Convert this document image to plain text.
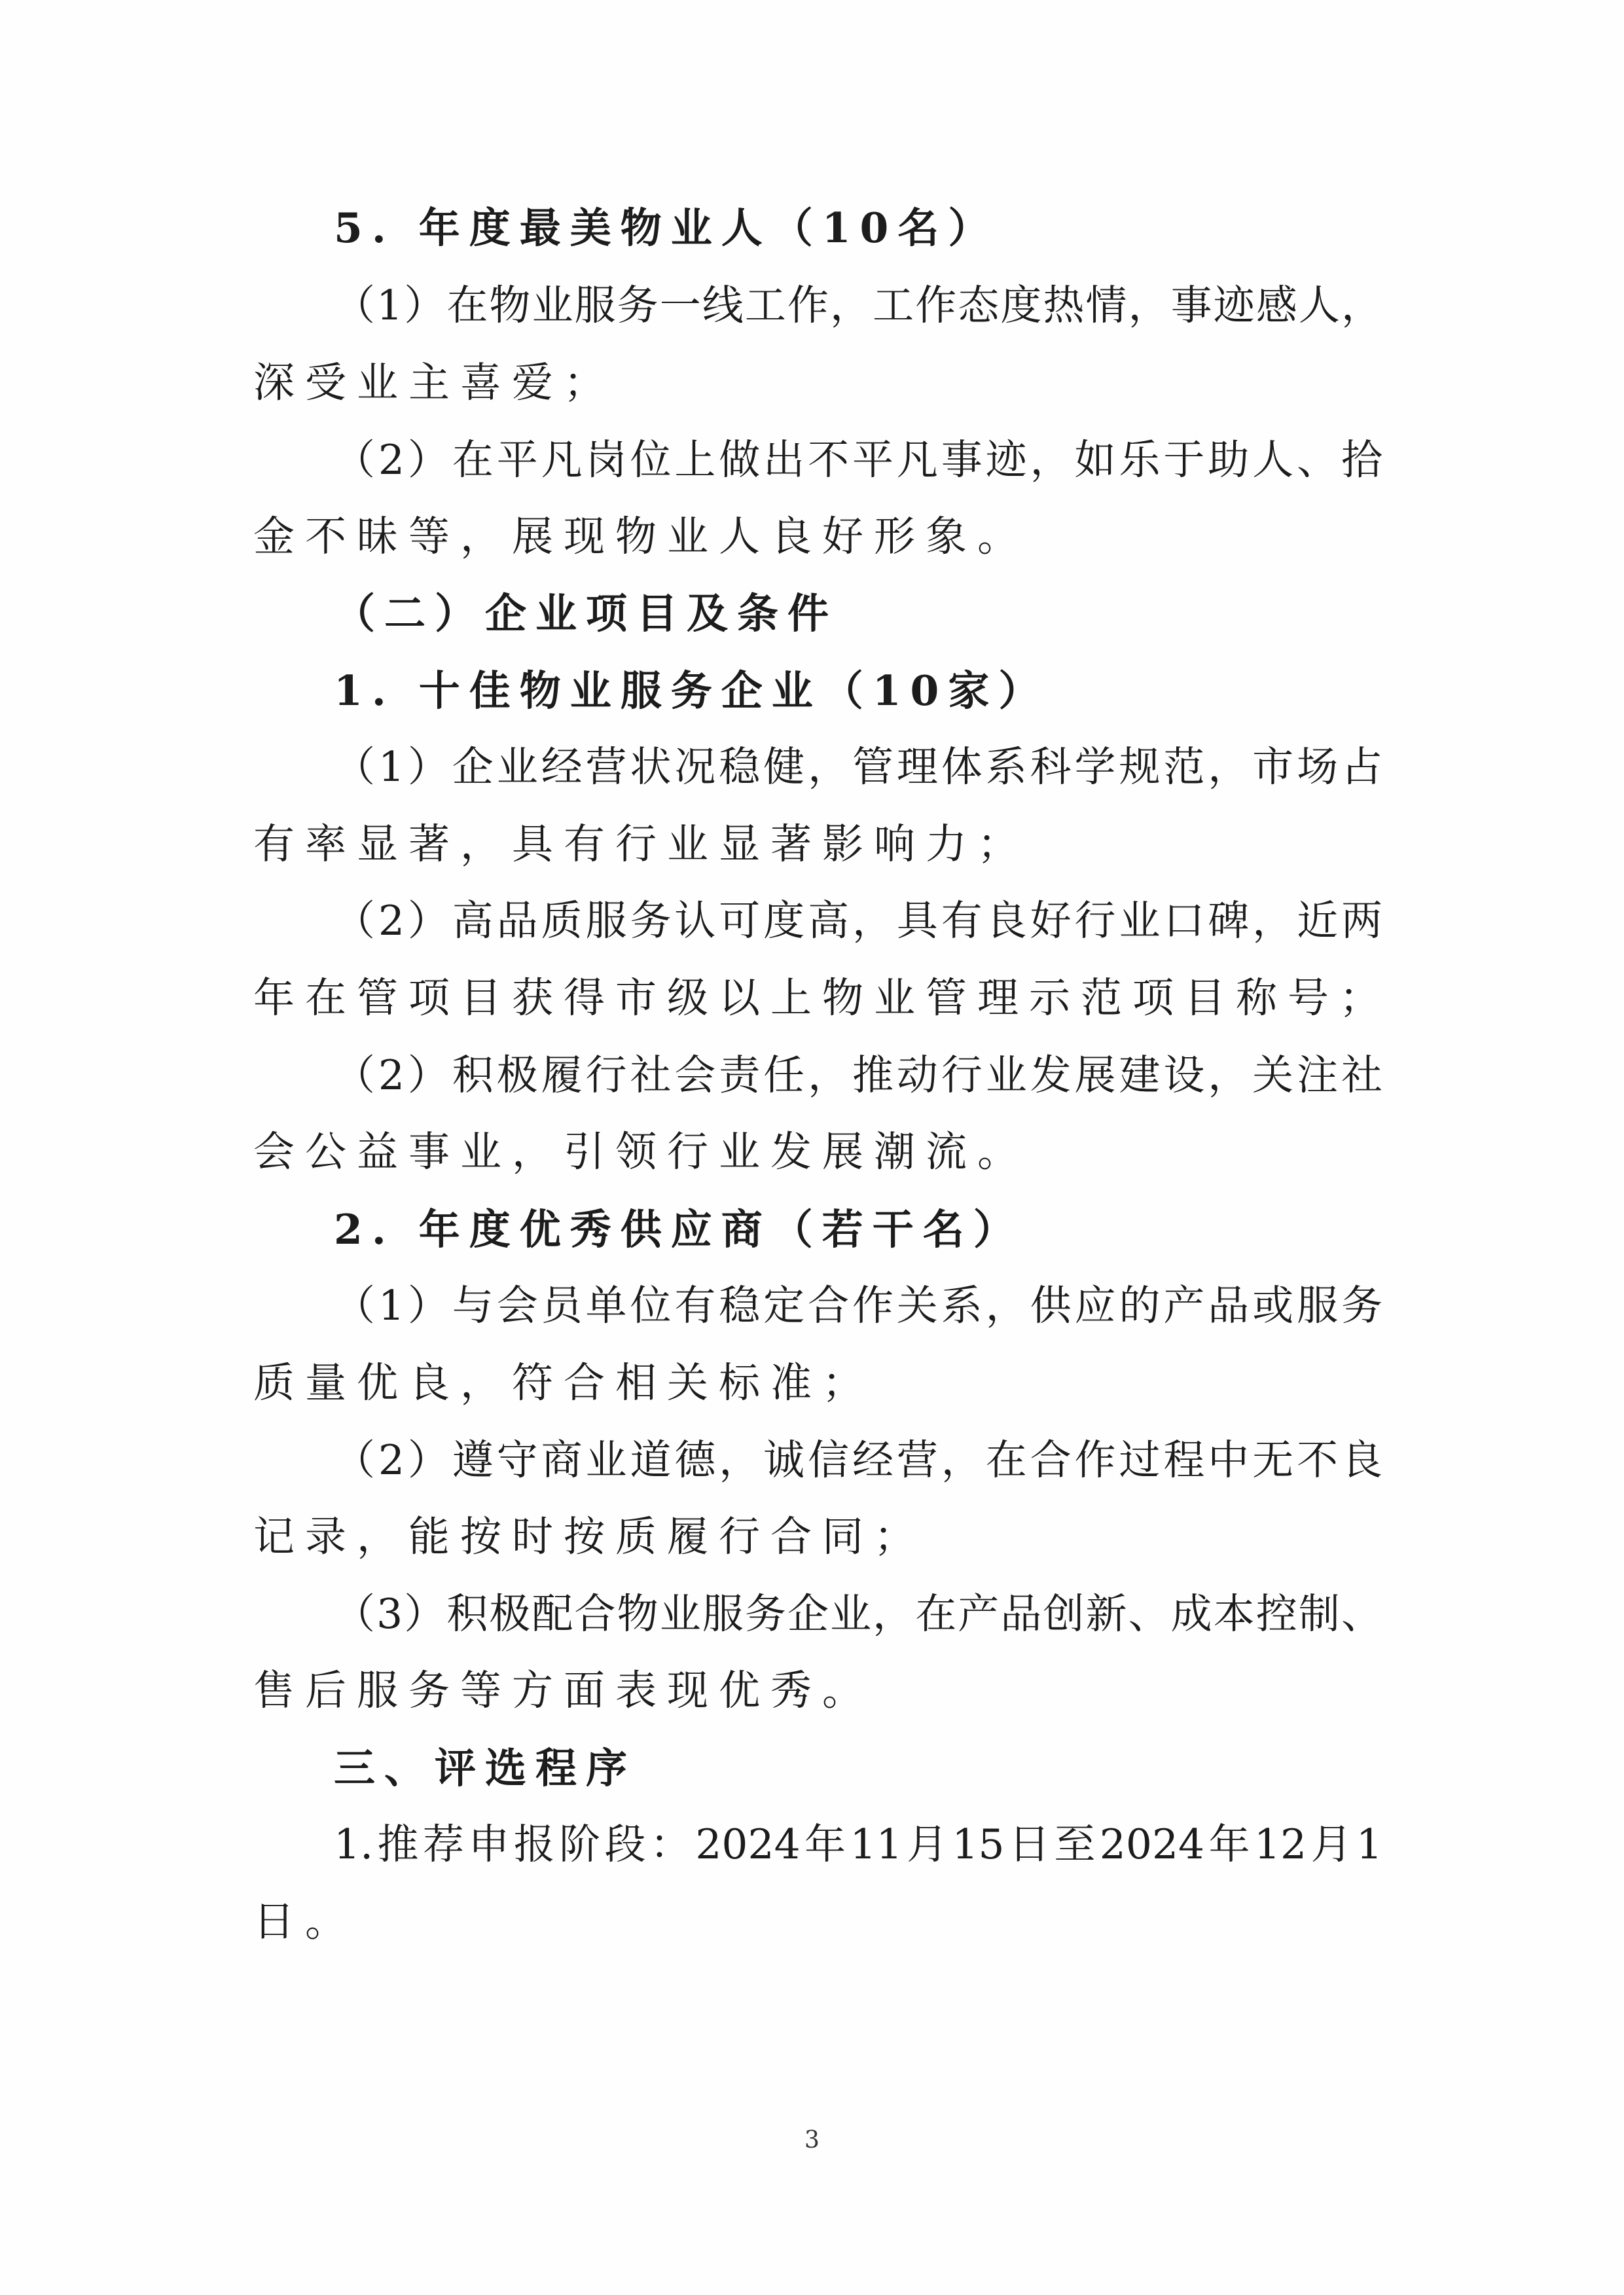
5. 年度最美物业人（10名）
（1）在物业服务一线工作，工作态度热情，事迹感人，
深受业主喜爱；
（2）在平凡岗位上做出不平凡事迹，如乐于助人、拾
金不昧等，展现物业人良好形象。
（二）企业项目及条件
1. 十佳物业服务企业（10家）
（1）企业经营状况稳健，管理体系科学规范，市场占
有率显著，具有行业显著影响力；
（2）高品质服务认可度高，具有良好行业口碑，近两
年在管项目获得市级以上物业管理示范项目称号；
（2）积极履行社会责任，推动行业发展建设，关注社
会公益事业，引领行业发展潮流。
2. 年度优秀供应商（若干名）
（1）与会员单位有稳定合作关系，供应的产品或服务
质量优良，符合相关标准；
（2）遵守商业道德，诚信经营，在合作过程中无不良
记录，能按时按质履行合同；
（3）积极配合物业服务企业，在产品创新、成本控制、
售后服务等方面表现优秀。
三、评选程序
1.推荐申报阶段：2024年11月15日至2024年12月1
日。
3
